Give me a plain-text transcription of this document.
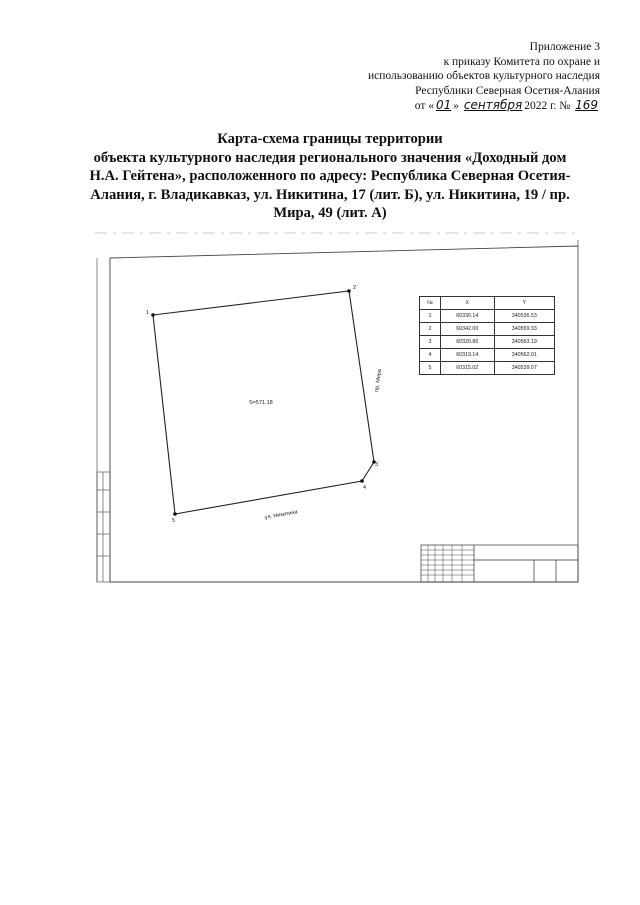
Приложение 3
к приказу Комитета по охране и
использованию объектов культурного наследия
Республики Северная Осетия-Алания
от « 01 » сентября 2022 г. № 169
Карта-схема границы территории
объекта культурного наследия регионального значения «Доходный дом
Н.А. Гейтена», расположенного по адресу: Республика Северная Осетия-
Алания, г. Владикавказ, ул. Никитина, 17 (лит. Б), ул. Никитина, 19 / пр.
Мира, 49 (лит. А)
1
2
3
4
5
S=571.18
ул. Никитина
пр. Мира
№	X	Y
1	60330.14	340536.53
2	60342.00	340559.33
3	60320.86	340563.19
4	60319.14	340562.01
5	60315.02	340539.07
